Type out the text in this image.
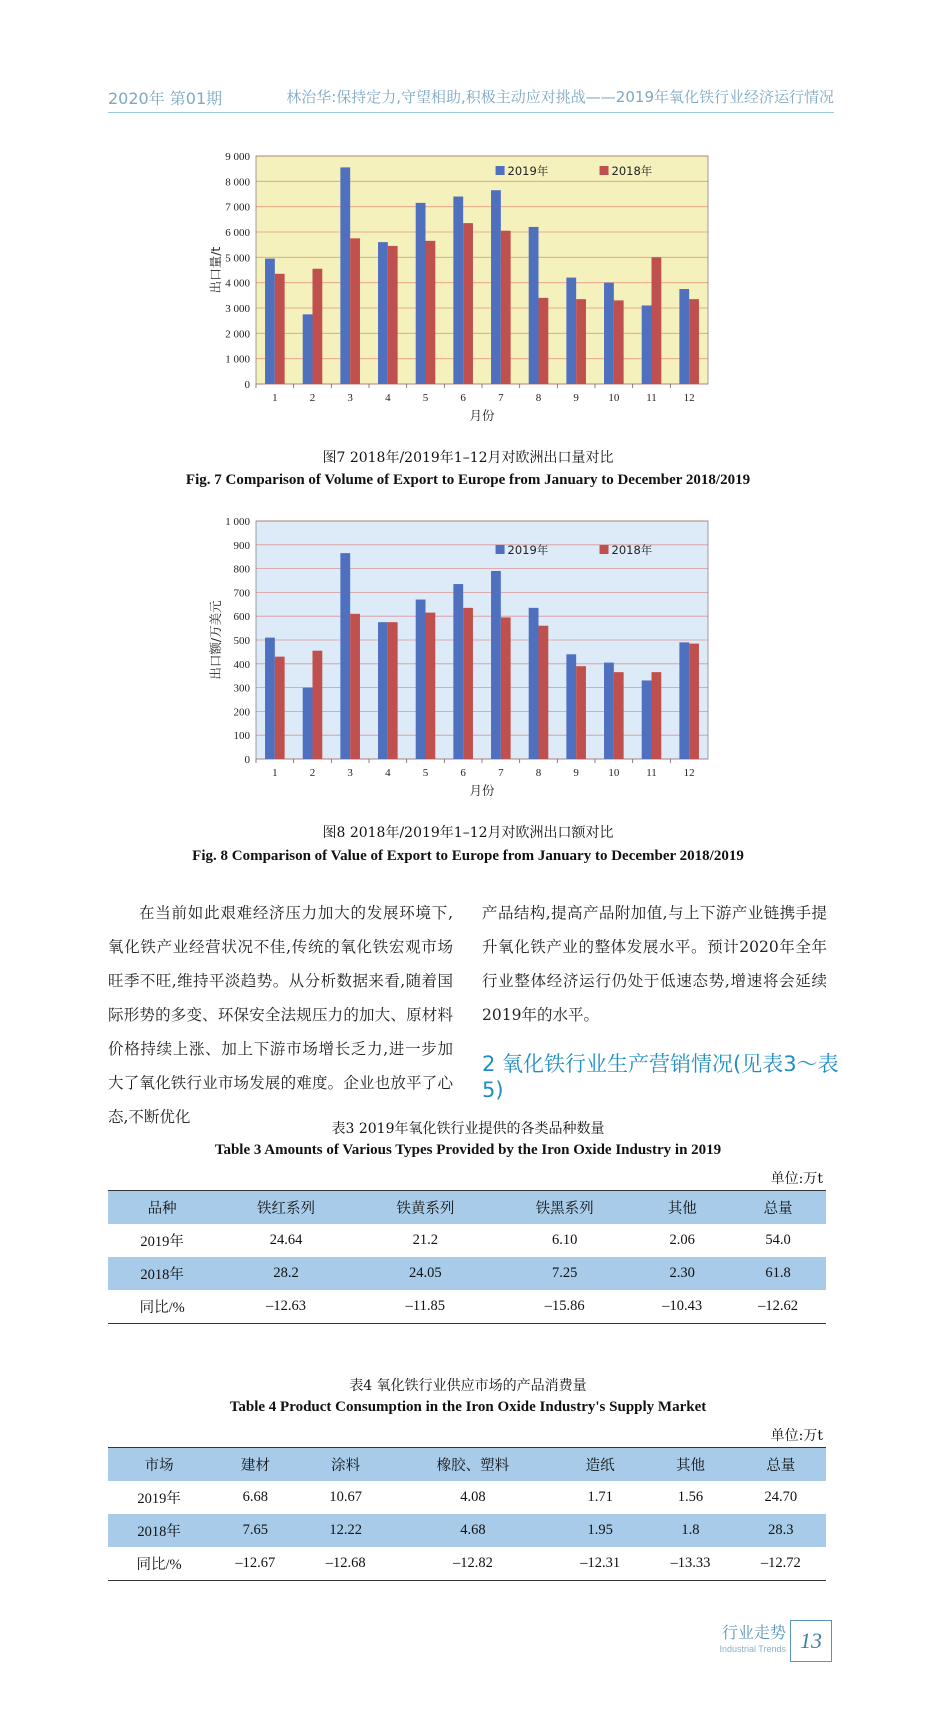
2020年 第01期	林治华:保持定力,守望相助,积极主动应对挑战——2019年氧化铁行业经济运行情况
0
1 000
2 000
3 000
4 000
5 000
6 000
7 000
8 000
9 000
1	2	3	4	5	6	7	8	9	10 11 12
月份
出口量/t
2019年	2018年
图7 2018年/2019年1–12月对欧洲出口量对比
Fig. 7 Comparison of Volume of Export to Europe from January to December 2018/2019
0
100
200
300
400
500
600
700
800
900
1 000
1	2	3	4	5	6	7	8	9	10 11 12
月份
出口额/万美元
2019年	2018年
图8 2018年/2019年1–12月对欧洲出口额对比
Fig. 8 Comparison of Value of Export to Europe from January to December 2018/2019

在当前如此艰难经济压力加大的发展环境下,氧化铁产业经营状况不佳,传统的氧化铁宏观市场旺季不旺,维持平淡趋势。从分析数据来看,随着国际形势的多变、环保安全法规压力的加大、原材料价格持续上涨、加上下游市场增长乏力,进一步加大了氧化铁行业市场发展的难度。企业也放平了心态,不断优化

产品结构,提高产品附加值,与上下游产业链携手提升氧化铁产业的整体发展水平。预计2020年全年行业整体经济运行仍处于低速态势,增速将会延续2019年的水平。

2 氧化铁行业生产营销情况(见表3～表5)
表3 2019年氧化铁行业提供的各类品种数量
Table 3 Amounts of Various Types Provided by the Iron Oxide Industry in 2019
单位:万t
品种	铁红系列	铁黄系列	铁黑系列	其他	总量
2019年	24.64	21.2	6.10	2.06	54.0
2018年	28.2	24.05	7.25	2.30	61.8
同比/%	–12.63	–11.85	–15.86	–10.43	–12.62
表4 氧化铁行业供应市场的产品消费量
Table 4 Product Consumption in the Iron Oxide Industry's Supply Market
单位:万t
市场	建材	涂料	橡胶、塑料	造纸	其他	总量
2019年	6.68	10.67	4.08	1.71	1.56	24.70
2018年	7.65	12.22	4.68	1.95	1.8	28.3
同比/%	–12.67	–12.68	–12.82	–12.31	–13.33	–12.72
行业走势
Industrial Trends 13
